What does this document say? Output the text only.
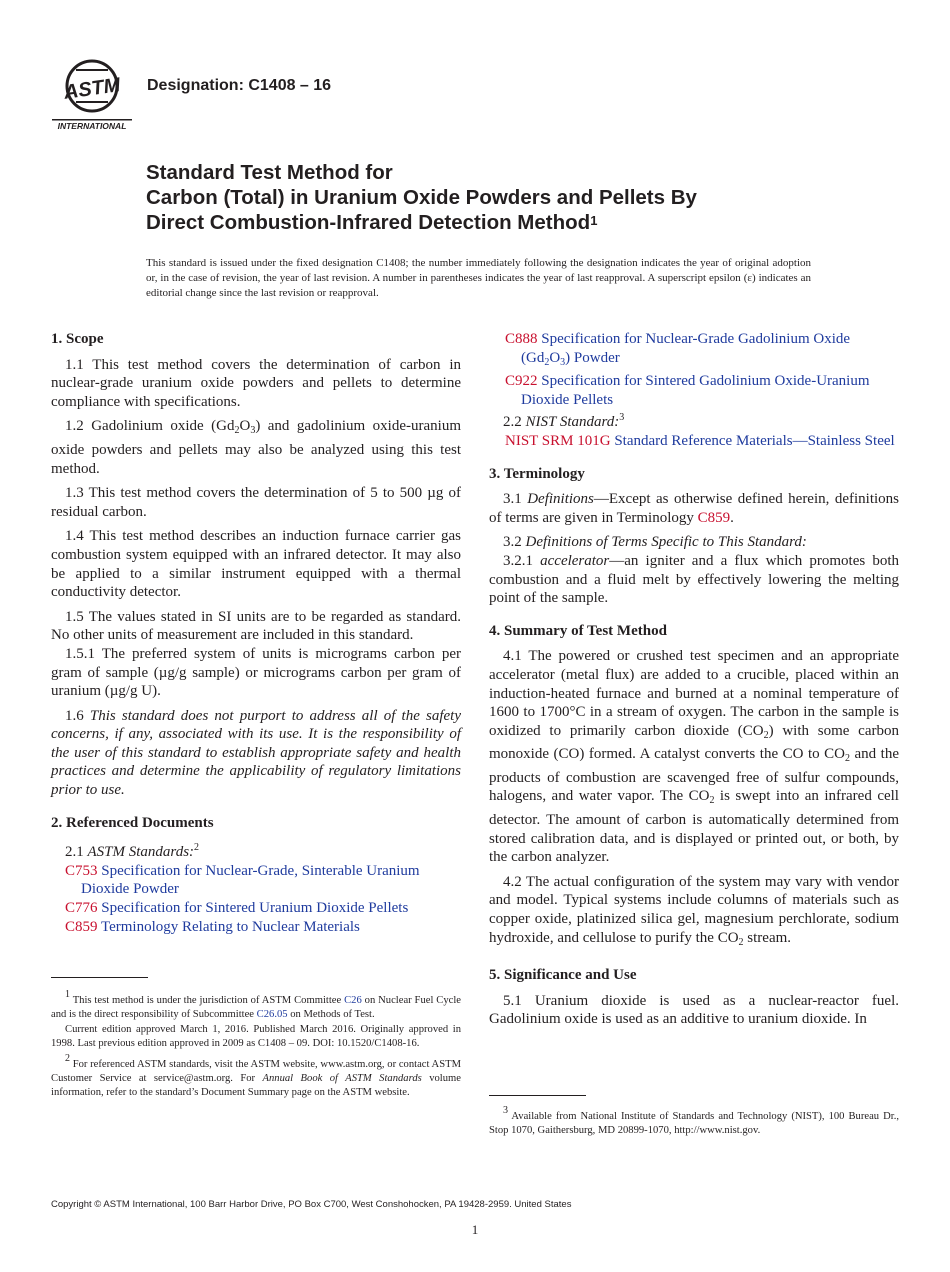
ASTM
INTERNATIONAL
Designation: C1408 – 16
Standard Test Method for
Carbon (Total) in Uranium Oxide Powders and Pellets By
Direct Combustion-Infrared Detection Method$^1$
This standard is issued under the fixed designation C1408; the number immediately following the designation indicates the year of original adoption or, in the case of revision, the year of last revision. A number in parentheses indicates the year of last reapproval. A superscript epsilon (ε) indicates an editorial change since the last revision or reapproval.
1. Scope

1.1 This test method covers the determination of carbon in nuclear-grade uranium oxide powders and pellets to determine compliance with specifications.

1.2 Gadolinium oxide $(Gd_2O_3)$ and gadolinium oxide-uranium oxide powders and pellets may also be analyzed using this test method.

1.3 This test method covers the determination of 5 to 500 µg of residual carbon.

1.4 This test method describes an induction furnace carrier gas combustion system equipped with an infrared detector. It may also be applied to a similar instrument equipped with a thermal conductivity detector.

1.5 The values stated in SI units are to be regarded as standard. No other units of measurement are included in this standard.

1.5.1 The preferred system of units is micrograms carbon per gram of sample (µg/g sample) or micrograms carbon per gram of uranium (µg/g U).

1.6 This standard does not purport to address all of the safety concerns, if any, associated with its use. It is the responsibility of the user of this standard to establish appropriate safety and health practices and determine the applicability of regulatory limitations prior to use.

2. Referenced Documents

2.1 ASTM Standards:$^2$

C753 Specification for Nuclear-Grade, Sinterable Uranium Dioxide Powder
C776 Specification for Sintered Uranium Dioxide Pellets
C859 Terminology Relating to Nuclear Materials

1 This test method is under the jurisdiction of ASTM Committee C26 on Nuclear Fuel Cycle and is the direct responsibility of Subcommittee C26.05 on Methods of Test.

Current edition approved March 1, 2016. Published March 2016. Originally approved in 1998. Last previous edition approved in 2009 as C1408 – 09. DOI: 10.1520/C1408-16.

2 For referenced ASTM standards, visit the ASTM website, www.astm.org, or contact ASTM Customer Service at service@astm.org. For Annual Book of ASTM Standards volume information, refer to the standard’s Document Summary page on the ASTM website.

C888 Specification for Nuclear-Grade Gadolinium Oxide $(Gd_2O_3)$ Powder
C922 Specification for Sintered Gadolinium Oxide-Uranium Dioxide Pellets

2.2 NIST Standard:$^3$

NIST SRM 101G Standard Reference Materials—Stainless Steel
3. Terminology

3.1 Definitions—Except as otherwise defined herein, definitions of terms are given in Terminology C859.

3.2 Definitions of Terms Specific to This Standard:

3.2.1 accelerator—an igniter and a flux which promotes both combustion and a fluid melt by effectively lowering the melting point of the sample.

4. Summary of Test Method

4.1 The powered or crushed test specimen and an appropriate accelerator (metal flux) are added to a crucible, placed within an induction-heated furnace and burned at a nominal temperature of 1600 to 1700°C in a stream of oxygen. The carbon in the sample is oxidized to primarily carbon dioxide $(CO_2)$ with some carbon monoxide (CO) formed. A catalyst converts the CO to $CO_2$ and the products of combustion are scavenged free of sulfur compounds, halogens, and water vapor. The $CO_2$ is swept into an infrared cell detector. The amount of carbon is automatically determined from stored calibration data, and is displayed or printed out, or both, by the carbon analyzer.

4.2 The actual configuration of the system may vary with vendor and model. Typical systems include columns of materials such as copper oxide, platinized silica gel, magnesium perchlorate, sodium hydroxide, and cellulose to purify the $CO_2$ stream.

5. Significance and Use

5.1 Uranium dioxide is used as a nuclear-reactor fuel. Gadolinium oxide is used as an additive to uranium dioxide. In

3 Available from National Institute of Standards and Technology (NIST), 100 Bureau Dr., Stop 1070, Gaithersburg, MD 20899-1070, http://www.nist.gov.

Copyright © ASTM International, 100 Barr Harbor Drive, PO Box C700, West Conshohocken, PA 19428-2959. United States
1
